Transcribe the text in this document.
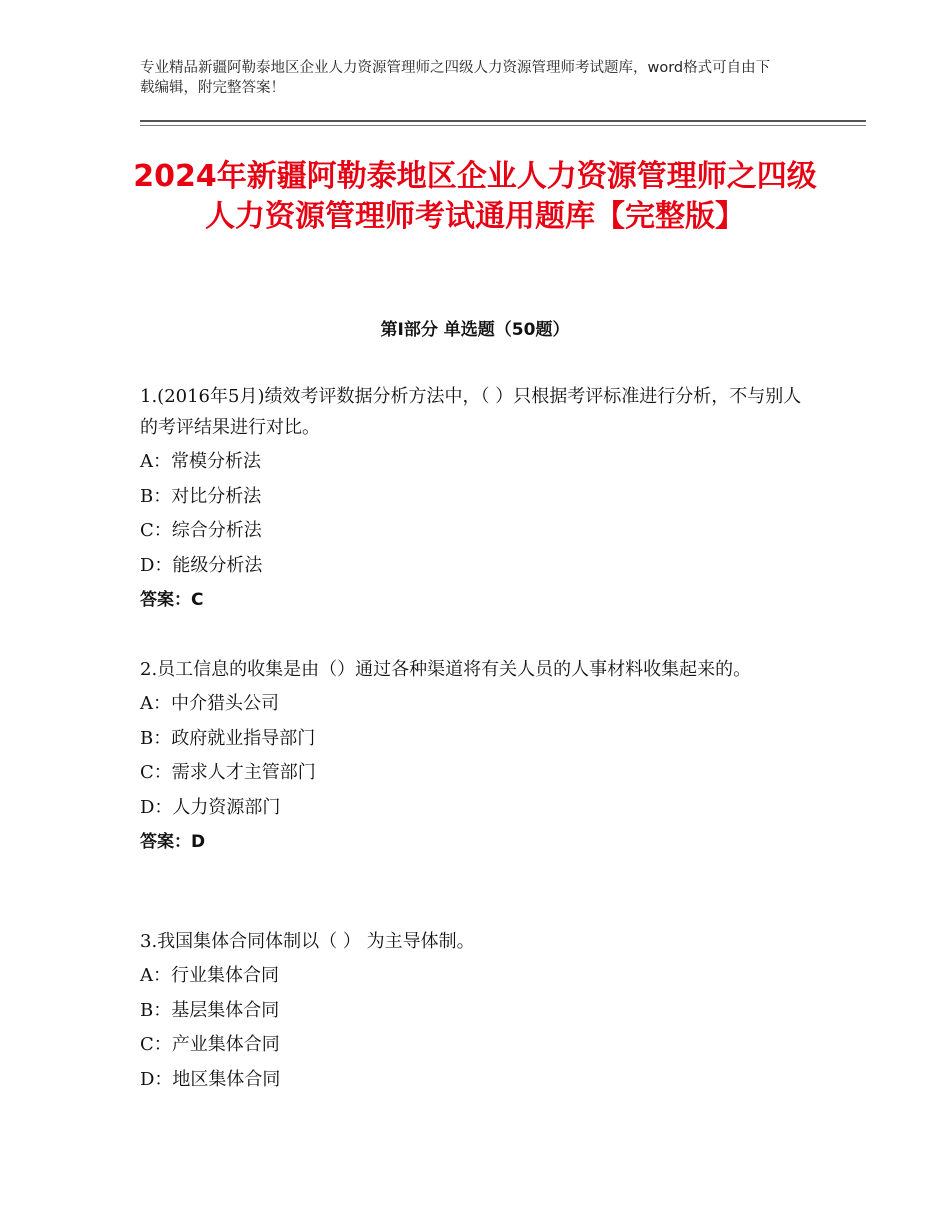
专业精品新疆阿勒泰地区企业人力资源管理师之四级人力资源管理师考试题库，word格式可自由下载编辑，附完整答案！
2024年新疆阿勒泰地区企业人力资源管理师之四级人力资源管理师考试通用题库【完整版】
第Ⅰ部分 单选题（50题）
1.(2016年5月)绩效考评数据分析方法中，（ ）只根据考评标准进行分析，不与别人的考评结果进行对比。
A：常模分析法
B：对比分析法
C：综合分析法
D：能级分析法
答案：C
2.员工信息的收集是由（）通过各种渠道将有关人员的人事材料收集起来的。
A：中介猎头公司
B：政府就业指导部门
C：需求人才主管部门
D：人力资源部门
答案：D
3.我国集体合同体制以（ ） 为主导体制。
A：行业集体合同
B：基层集体合同
C：产业集体合同
D：地区集体合同
